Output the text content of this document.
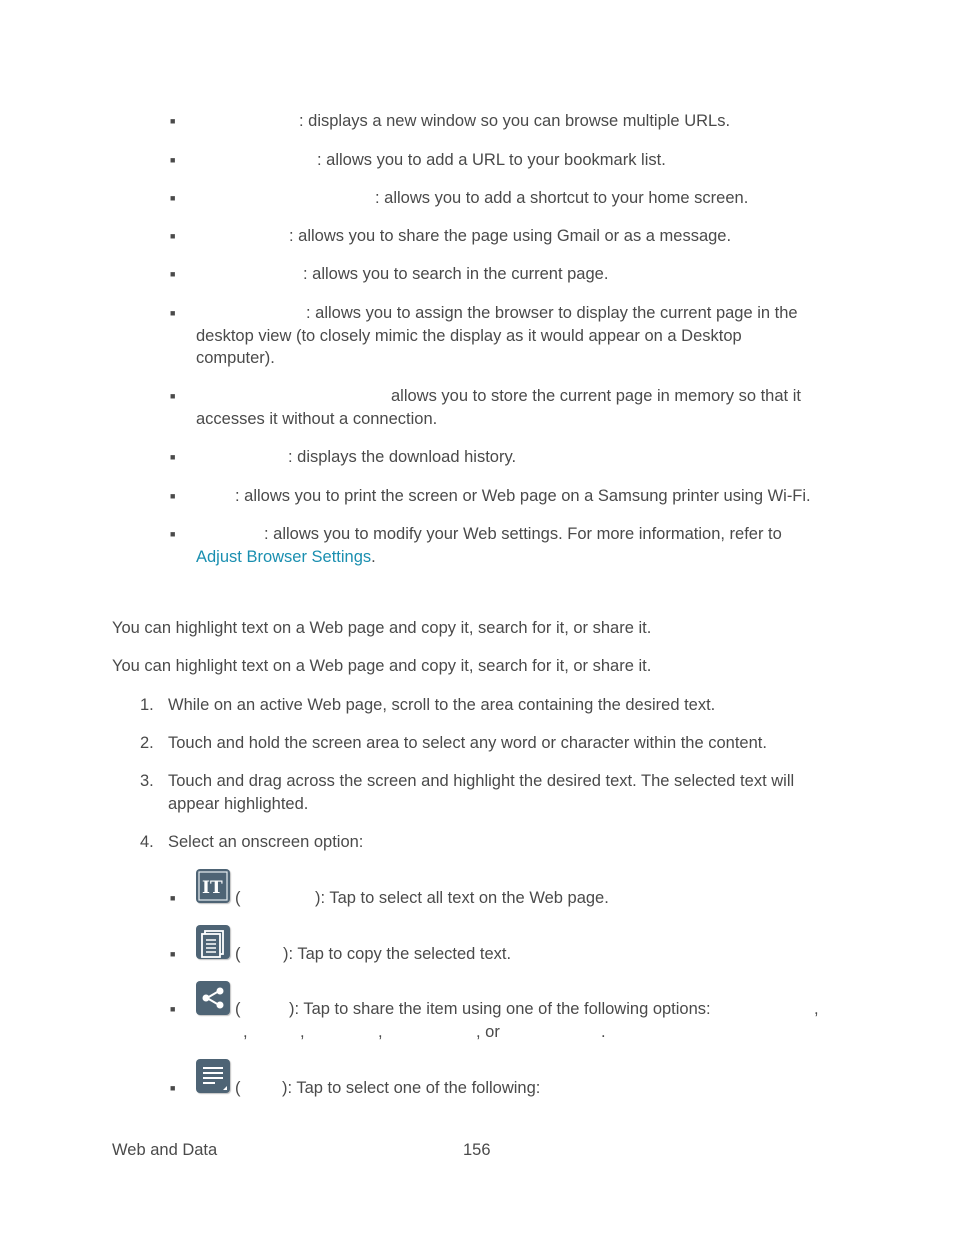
■	: displays a new window so you can browse multiple URLs.
■	: allows you to add a URL to your bookmark list.
■	: allows you to add a shortcut to your home screen.
■	: allows you to share the page using Gmail or as a message.
■	: allows you to search in the current page.
■	: allows you to assign the browser to display the current page in the
desktop view (to closely mimic the display as it would appear on a Desktop
computer).
■	allows you to store the current page in memory so that it
accesses it without a connection.
■	: displays the download history.
■	: allows you to print the screen or Web page on a Samsung printer using Wi-Fi.
■	: allows you to modify your Web settings. For more information, refer to
Adjust Browser Settings.
You can highlight text on a Web page and copy it, search for it, or share it.
You can highlight text on a Web page and copy it, search for it, or share it.
1. While on an active Web page, scroll to the area containing the desired text.
2. Touch and hold the screen area to select any word or character within the content.
3. Touch and drag across the screen and highlight the desired text. The selected text will
appear highlighted.
4. Select an onscreen option:
■ IT (	): Tap to select all text on the Web page.
■	(	): Tap to copy the selected text.
■	(	): Tap to share the item using one of the following options:	,
,	,	,	, or	.
■	(	): Tap to select one of the following:
Web and Data	156
